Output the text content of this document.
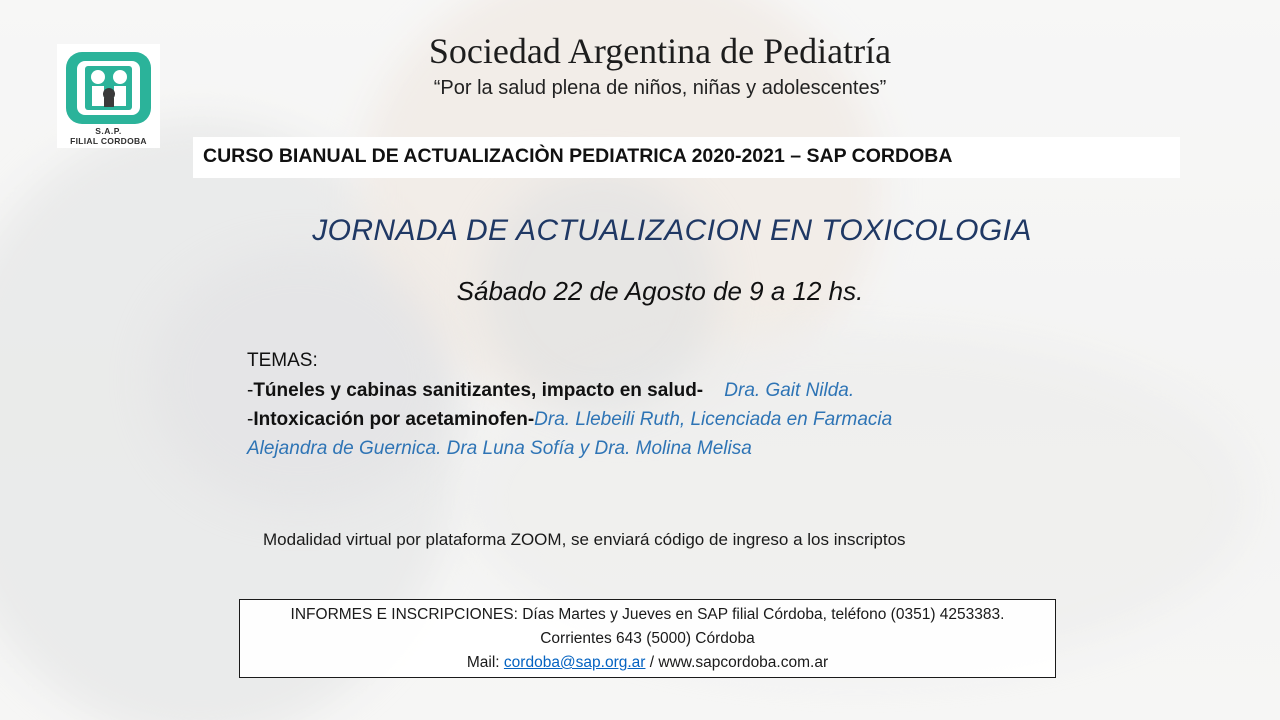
S.A.P.
FILIAL CORDOBA
Sociedad Argentina de Pediatría
“Por la salud plena de niños, niñas y adolescentes”
CURSO BIANUAL DE ACTUALIZACIÒN PEDIATRICA 2020-2021 – SAP CORDOBA
JORNADA DE ACTUALIZACION EN TOXICOLOGIA
Sábado 22 de Agosto de 9 a 12 hs.
TEMAS:
-Túneles y cabinas sanitizantes, impacto en salud- Dra. Gait Nilda.
-Intoxicación por acetaminofen-Dra. Llebeili Ruth, Licenciada en Farmacia
Alejandra de Guernica. Dra Luna Sofía y Dra. Molina Melisa
Modalidad virtual por plataforma ZOOM, se enviará código de ingreso a los inscriptos
INFORMES E INSCRIPCIONES: Días Martes y Jueves en SAP filial Córdoba, teléfono (0351) 4253383.
Corrientes 643 (5000) Córdoba
Mail: cordoba@sap.org.ar / www.sapcordoba.com.ar
